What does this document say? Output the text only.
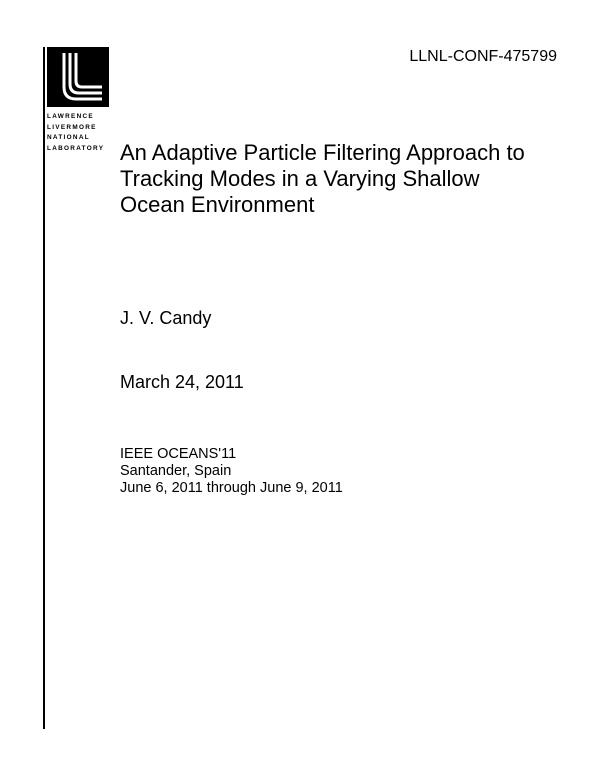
LAWRENCE
LIVERMORE
NATIONAL
LABORATORY
LLNL-CONF-475799
An Adaptive Particle Filtering Approach to
Tracking Modes in a Varying Shallow
Ocean Environment
J. V. Candy
March 24, 2011
IEEE OCEANS'11
Santander, Spain
June 6, 2011 through June 9, 2011
